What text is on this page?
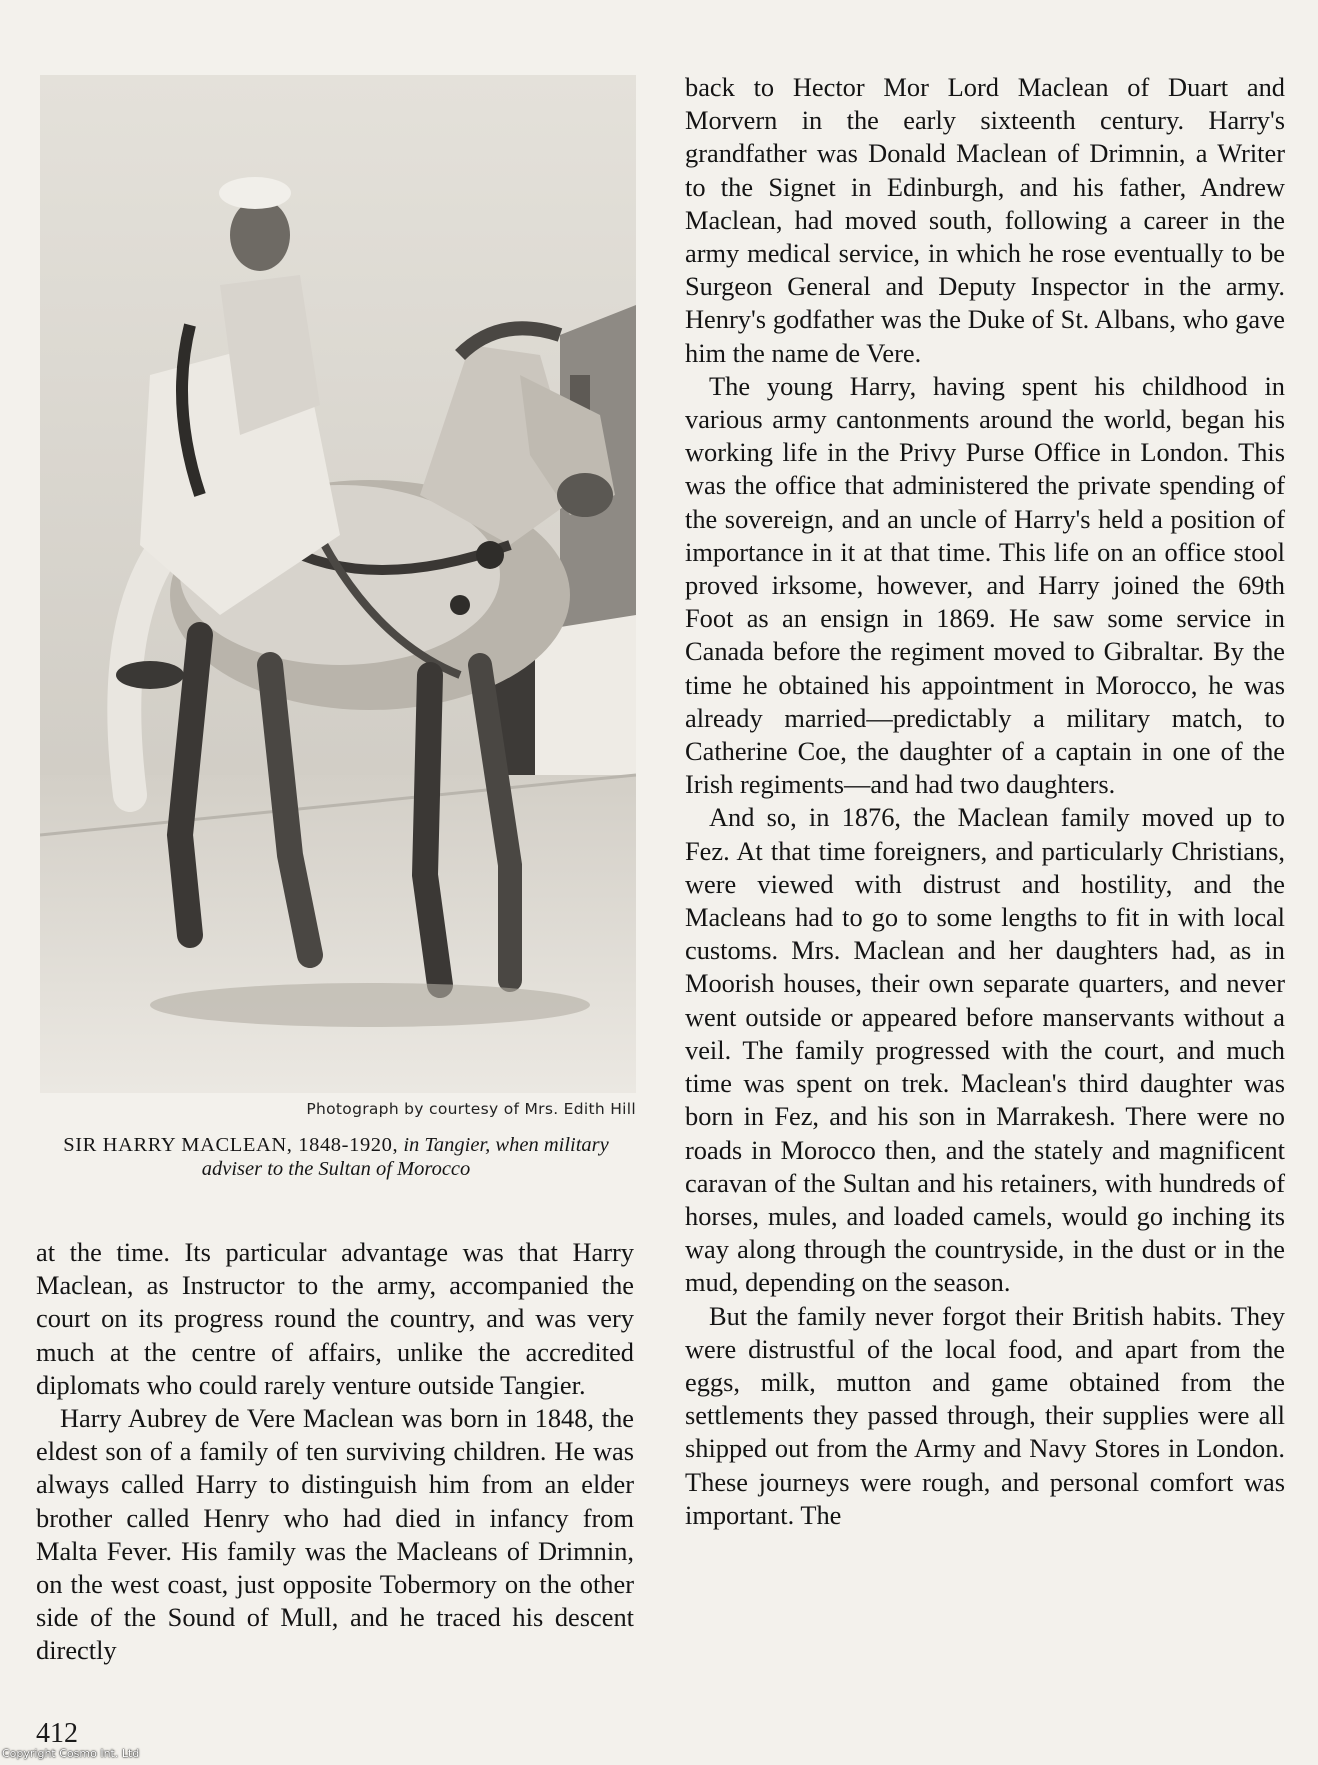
Photograph by courtesy of Mrs. Edith Hill
SIR HARRY MACLEAN, 1848-1920, in Tangier, when military adviser to the Sultan of Morocco

at the time. Its particular advantage was that Harry Maclean, as Instructor to the army, accompanied the court on its progress round the country, and was very much at the centre of affairs, unlike the accredited diplomats who could rarely venture outside Tangier.

Harry Aubrey de Vere Maclean was born in 1848, the eldest son of a family of ten surviving children. He was always called Harry to distinguish him from an elder brother called Henry who had died in infancy from Malta Fever. His family was the Macleans of Drimnin, on the west coast, just opposite Tobermory on the other side of the Sound of Mull, and he traced his descent directly

back to Hector Mor Lord Maclean of Duart and Morvern in the early sixteenth century. Harry's grandfather was Donald Maclean of Drimnin, a Writer to the Signet in Edinburgh, and his father, Andrew Maclean, had moved south, following a career in the army medical service, in which he rose eventually to be Surgeon General and Deputy Inspector in the army. Henry's godfather was the Duke of St. Albans, who gave him the name de Vere.

The young Harry, having spent his childhood in various army cantonments around the world, began his working life in the Privy Purse Office in London. This was the office that administered the private spending of the sovereign, and an uncle of Harry's held a position of importance in it at that time. This life on an office stool proved irksome, however, and Harry joined the 69th Foot as an ensign in 1869. He saw some service in Canada before the regiment moved to Gibraltar. By the time he obtained his appointment in Morocco, he was already married—predictably a military match, to Catherine Coe, the daughter of a captain in one of the Irish regiments—and had two daughters.

And so, in 1876, the Maclean family moved up to Fez. At that time foreigners, and particularly Christians, were viewed with distrust and hostility, and the Macleans had to go to some lengths to fit in with local customs. Mrs. Maclean and her daughters had, as in Moorish houses, their own separate quarters, and never went outside or appeared before manservants without a veil. The family progressed with the court, and much time was spent on trek. Maclean's third daughter was born in Fez, and his son in Marrakesh. There were no roads in Morocco then, and the stately and magnificent caravan of the Sultan and his retainers, with hundreds of horses, mules, and loaded camels, would go inching its way along through the countryside, in the dust or in the mud, depending on the season.

But the family never forgot their British habits. They were distrustful of the local food, and apart from the eggs, milk, mutton and game obtained from the settlements they passed through, their supplies were all shipped out from the Army and Navy Stores in London. These journeys were rough, and personal comfort was important. The

412
Copyright Cosmo Int. Ltd
